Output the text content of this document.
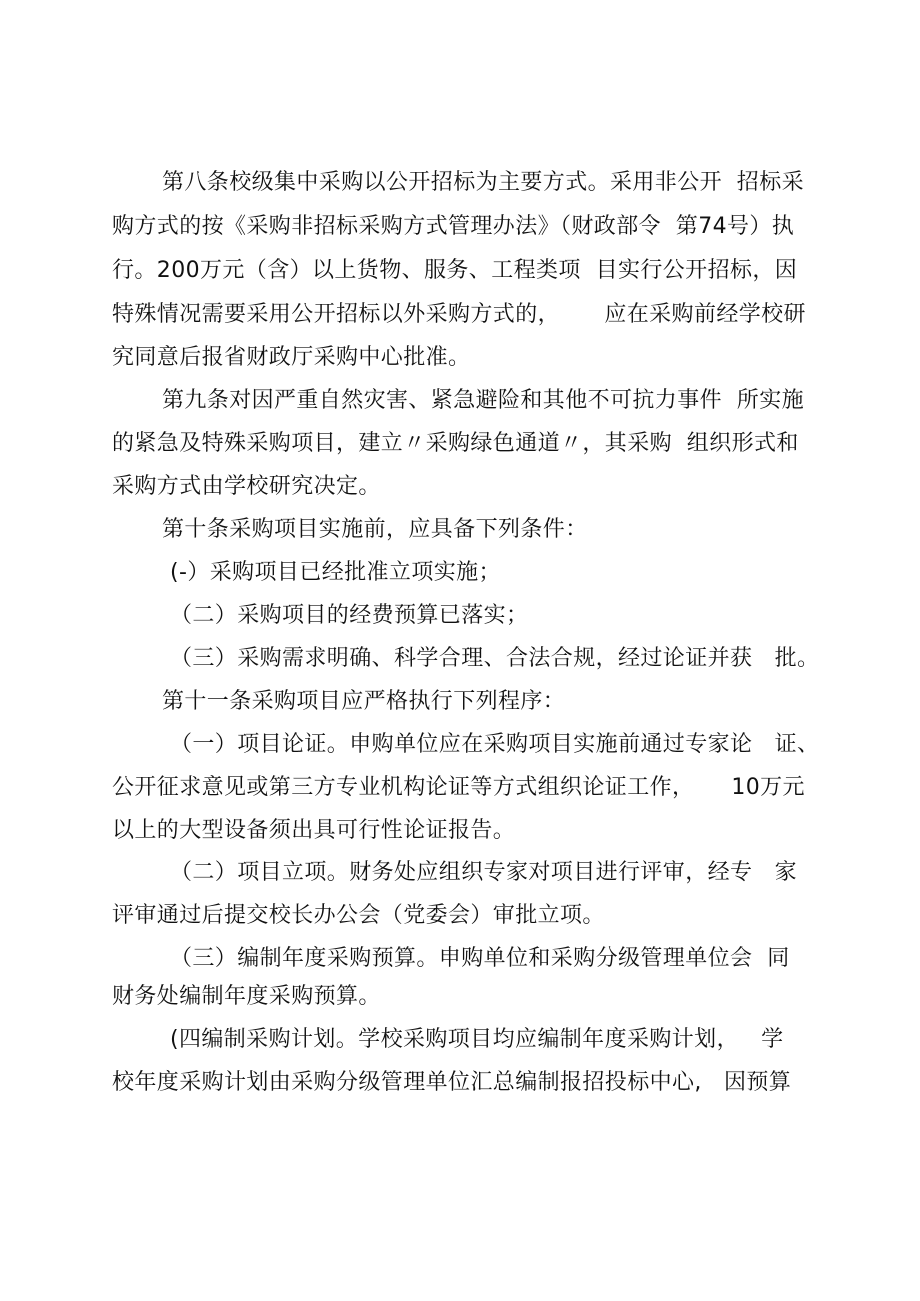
第八条校级集中采购以公开招标为主要方式。采用非公开  招标采
购方式的按《采购非招标采购方式管理办法》（财政部令  第74号）执
行。200万元（含）以上货物、服务、工程类项  目实行公开招标，因
特殊情况需要采用公开招标以外采购方式的，      应在采购前经学校研
究同意后报省财政厅采购中心批准。
第九条对因严重自然灾害、紧急避险和其他不可抗力事件  所实施
的紧急及特殊采购项目，建立〃采购绿色通道〃，其采购  组织形式和
采购方式由学校研究决定。
第十条采购项目实施前，应具备下列条件：
(-）采购项目已经批准立项实施；
（二）采购项目的经费预算已落实；
（三）采购需求明确、科学合理、合法合规，经过论证并获   批。
第十一条采购项目应严格执行下列程序：
（一）项目论证。申购单位应在采购项目实施前通过专家论   证、
公开征求意见或第三方专业机构论证等方式组织论证工作，     10万元
以上的大型设备须出具可行性论证报告。
（二）项目立项。财务处应组织专家对项目进行评审，经专   家
评审通过后提交校长办公会（党委会）审批立项。
（三）编制年度采购预算。申购单位和采购分级管理单位会  同
财务处编制年度采购预算。
(四编制采购计划。学校采购项目均应编制年度采购计划，   学
校年度采购计划由采购分级管理单位汇总编制报招投标中心,   因预算
